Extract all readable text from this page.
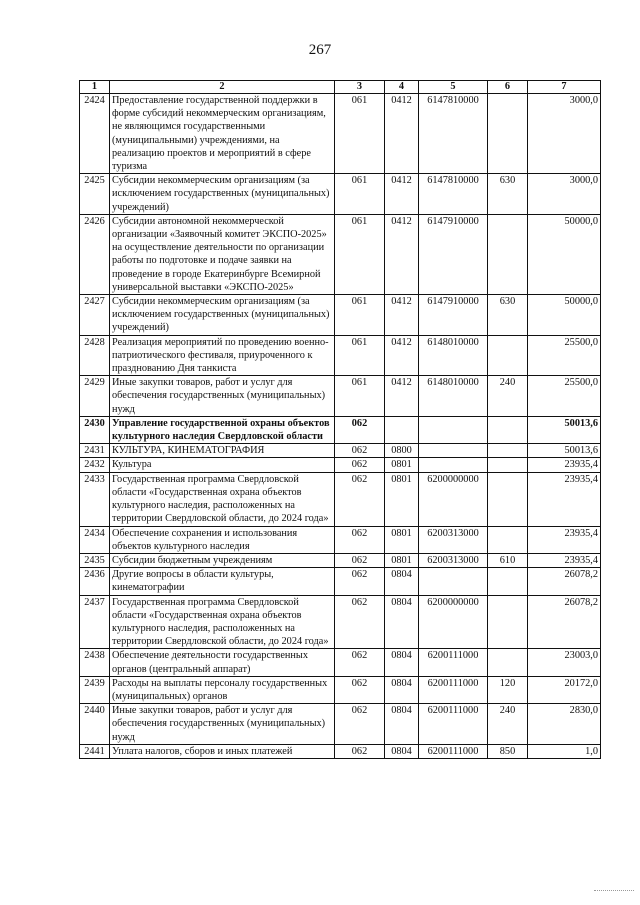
267
1	2	3	4	5	6	7
2424	Предоставление государственной поддержки в форме субсидий некоммерческим организациям, не являющимся государственными (муниципальными) учреждениями, на реализацию проектов и мероприятий в сфере туризма	061	0412	6147810000		3000,0
2425	Субсидии некоммерческим организациям (за исключением государственных (муниципальных) учреждений)	061	0412	6147810000	630	3000,0
2426	Субсидии автономной некоммерческой организации «Заявочный комитет ЭКСПО-2025» на осуществление деятельности по организации работы по подготовке и подаче заявки на проведение в городе Екатеринбурге Всемирной универсальной выставки «ЭКСПО-2025»	061	0412	6147910000		50000,0
2427	Субсидии некоммерческим организациям (за исключением государственных (муниципальных) учреждений)	061	0412	6147910000	630	50000,0
2428	Реализация мероприятий по проведению военно-патриотического фестиваля, приуроченного к празднованию Дня танкиста	061	0412	6148010000		25500,0
2429	Иные закупки товаров, работ и услуг для обеспечения государственных (муниципальных) нужд	061	0412	6148010000	240	25500,0
2430	Управление государственной охраны объектов культурного наследия Свердловской области	062				50013,6
2431	КУЛЬТУРА, КИНЕМАТОГРАФИЯ	062	0800			50013,6
2432	Культура	062	0801			23935,4
2433	Государственная программа Свердловской области «Государственная охрана объектов культурного наследия, расположенных на территории Свердловской области, до 2024 года»	062	0801	6200000000		23935,4
2434	Обеспечение сохранения и использования объектов культурного наследия	062	0801	6200313000		23935,4
2435	Субсидии бюджетным учреждениям	062	0801	6200313000	610	23935,4
2436	Другие вопросы в области культуры, кинематографии	062	0804			26078,2
2437	Государственная программа Свердловской области «Государственная охрана объектов культурного наследия, расположенных на территории Свердловской области, до 2024 года»	062	0804	6200000000		26078,2
2438	Обеспечение деятельности государственных органов (центральный аппарат)	062	0804	6200111000		23003,0
2439	Расходы на выплаты персоналу государственных (муниципальных) органов	062	0804	6200111000	120	20172,0
2440	Иные закупки товаров, работ и услуг для обеспечения государственных (муниципальных) нужд	062	0804	6200111000	240	2830,0
2441	Уплата налогов, сборов и иных платежей	062	0804	6200111000	850	1,0
